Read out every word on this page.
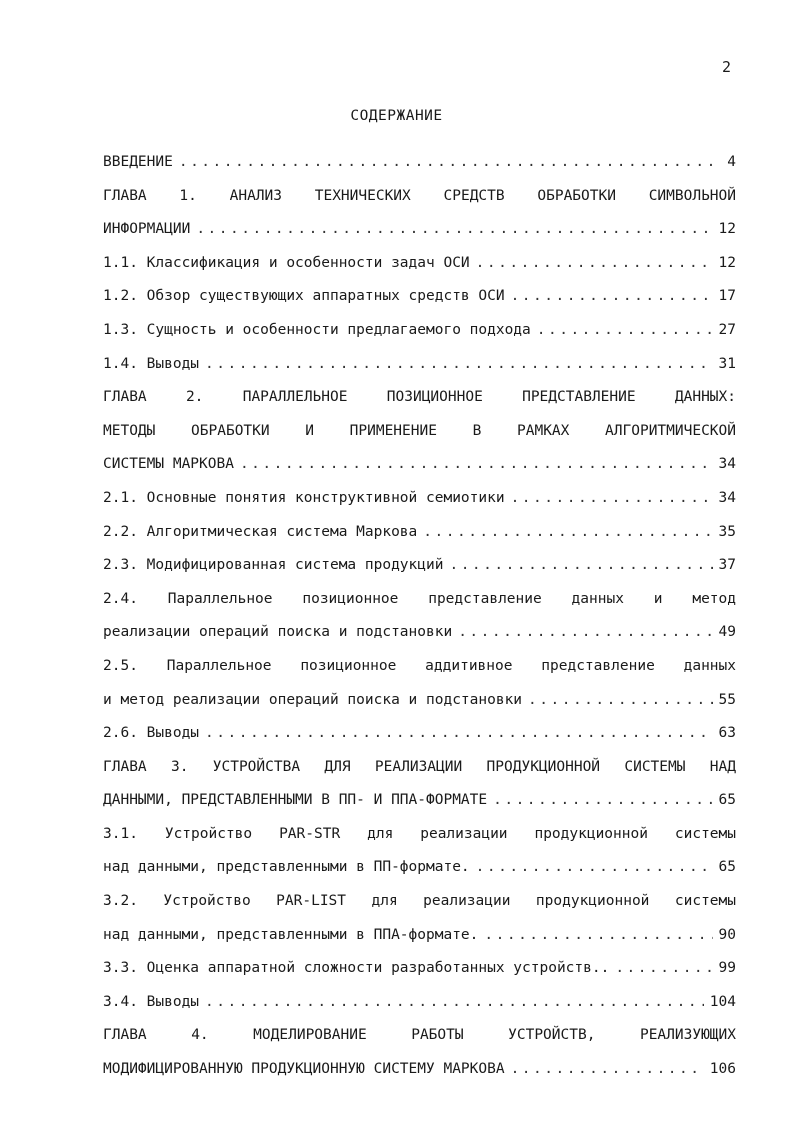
2
СОДЕРЖАНИЕ
ВВЕДЕНИЕ .....	4
ГЛАВА 1. АНАЛИЗ ТЕХНИЧЕСКИХ СРЕДСТВ ОБРАБОТКИ СИМВОЛЬНОЙ
ИНФОРМАЦИИ .....	12
1.1. Классификация и особенности задач ОСИ .....	12
1.2. Обзор существующих аппаратных средств ОСИ .....	17
1.3. Сущность и особенности предлагаемого подхода .....	27
1.4. Выводы .....	31
ГЛАВА 2. ПАРАЛЛЕЛЬНОЕ ПОЗИЦИОННОЕ ПРЕДСТАВЛЕНИЕ ДАННЫХ:
МЕТОДЫ ОБРАБОТКИ И ПРИМЕНЕНИЕ В РАМКАХ АЛГОРИТМИЧЕСКОЙ
СИСТЕМЫ МАРКОВА .....	34
2.1. Основные понятия конструктивной семиотики .....	34
2.2. Алгоритмическая система Маркова .....	35
2.3. Модифицированная система продукций .....	37
2.4. Параллельное позиционное представление данных и метод
реализации операций поиска и подстановки .....	49
2.5. Параллельное позиционное аддитивное представление данных
и метод реализации операций поиска и подстановки .....	55
2.6. Выводы .....	63
ГЛАВА 3. УСТРОЙСТВА ДЛЯ РЕАЛИЗАЦИИ ПРОДУКЦИОННОЙ СИСТЕМЫ НАД
ДАННЫМИ, ПРЕДСТАВЛЕННЫМИ В ПП- И ППА-ФОРМАТЕ .....	65
3.1. Устройство PAR-STR для реализации продукционной системы
над данными, представленными в ПП-формате. .....	65
3.2. Устройство PAR-LIST для реализации продукционной системы
над данными, представленными в ППА-формате. .....	90
3.3. Оценка аппаратной сложности разработанных устройств.. .....	99
3.4. Выводы .....	104
ГЛАВА 4. МОДЕЛИРОВАНИЕ РАБОТЫ УСТРОЙСТВ, РЕАЛИЗУЮЩИХ
МОДИФИЦИРОВАННУЮ ПРОДУКЦИОННУЮ СИСТЕМУ МАРКОВА .....	106
